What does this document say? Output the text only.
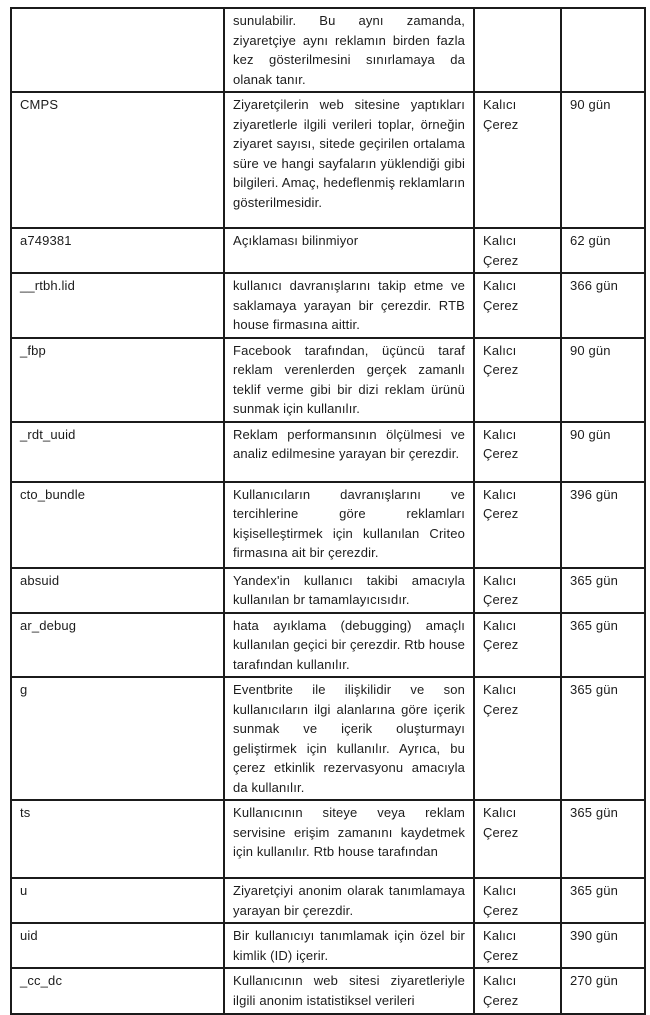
	sunulabilir. Bu aynı zamanda, ziyaretçiye aynı reklamın birden fazla kez gösterilmesini sınırlamaya da olanak tanır.		
CMPS	Ziyaretçilerin web sitesine yaptıkları ziyaretlerle ilgili verileri toplar, örneğin ziyaret sayısı, sitede geçirilen ortalama süre ve hangi sayfaların yüklendiği gibi bilgileri. Amaç, hedeflenmiş reklamların gösterilmesidir.	Kalıcı Çerez	90 gün
a749381	Açıklaması bilinmiyor	Kalıcı Çerez	62 gün
__rtbh.lid	kullanıcı davranışlarını takip etme ve saklamaya yarayan bir çerezdir. RTB house firmasına aittir.	Kalıcı Çerez	366 gün
_fbp	Facebook tarafından, üçüncü taraf reklam verenlerden gerçek zamanlı teklif verme gibi bir dizi reklam ürünü sunmak için kullanılır.	Kalıcı Çerez	90 gün
_rdt_uuid	Reklam performansının ölçülmesi ve analiz edilmesine yarayan bir çerezdir.	Kalıcı Çerez	90 gün
cto_bundle	Kullanıcıların davranışlarını ve tercihlerine göre reklamları kişiselleştirmek için kullanılan Criteo firmasına ait bir çerezdir.	Kalıcı Çerez	396 gün
absuid	Yandex'in kullanıcı takibi amacıyla kullanılan br tamamlayıcısıdır.	Kalıcı Çerez	365 gün
ar_debug	hata ayıklama (debugging) amaçlı kullanılan geçici bir çerezdir. Rtb house tarafından kullanılır.	Kalıcı Çerez	365 gün
g	Eventbrite ile ilişkilidir ve son kullanıcıların ilgi alanlarına göre içerik sunmak ve içerik oluşturmayı geliştirmek için kullanılır. Ayrıca, bu çerez etkinlik rezervasyonu amacıyla da kullanılır.	Kalıcı Çerez	365 gün
ts	Kullanıcının siteye veya reklam servisine erişim zamanını kaydetmek için kullanılır. Rtb house tarafından	Kalıcı Çerez	365 gün
u	Ziyaretçiyi anonim olarak tanımlamaya yarayan bir çerezdir.	Kalıcı Çerez	365 gün
uid	Bir kullanıcıyı tanımlamak için özel bir kimlik (ID) içerir.	Kalıcı Çerez	390 gün
_cc_dc	Kullanıcının web sitesi ziyaretleriyle ilgili anonim istatistiksel verileri	Kalıcı Çerez	270 gün
